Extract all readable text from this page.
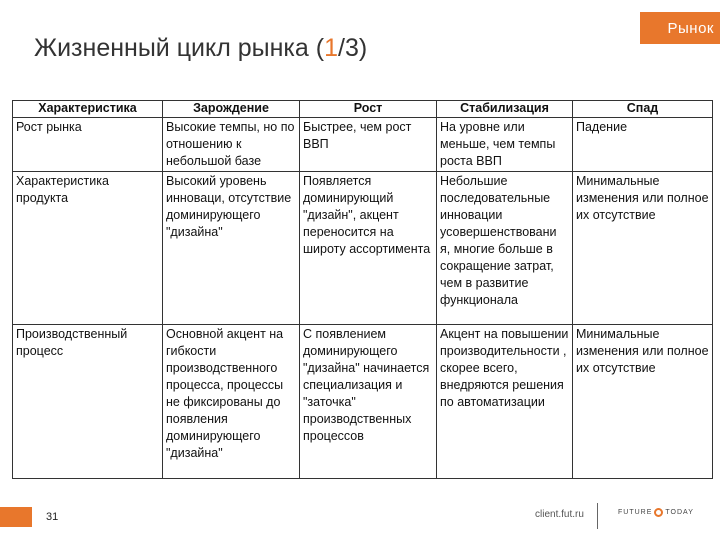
Рынок
Жизненный цикл рынка (1/3)
Характеристика	Зарождение	Рост	Стабилизация	Спад
Рост рынка	Высокие темпы, но по отношению к небольшой базе	Быстрее, чем рост ВВП	На уровне или меньше, чем темпы роста ВВП	Падение
Характеристика продукта	Высокий уровень инноваци, отсутствие доминирующего "дизайна"	Появляется доминирующий "дизайн", акцент переносится на широту ассортимента	Небольшие последовательные инновации усовершенствовани я, многие больше в сокращение затрат, чем в развитие функционала	Минимальные изменения или полное их отсутствие
Производственный процесс	Основной акцент на гибкости производственного процесса, процессы не фиксированы до появления доминирующего "дизайна"	С появлением доминирующего "дизайна" начинается специализация и "заточка" производственных процессов	Акцент на повышении производительности , скорее всего, внедряются решения по автоматизации	Минимальные изменения или полное их отсутствие
31	client.fut.ru	FUTURE TODAY
